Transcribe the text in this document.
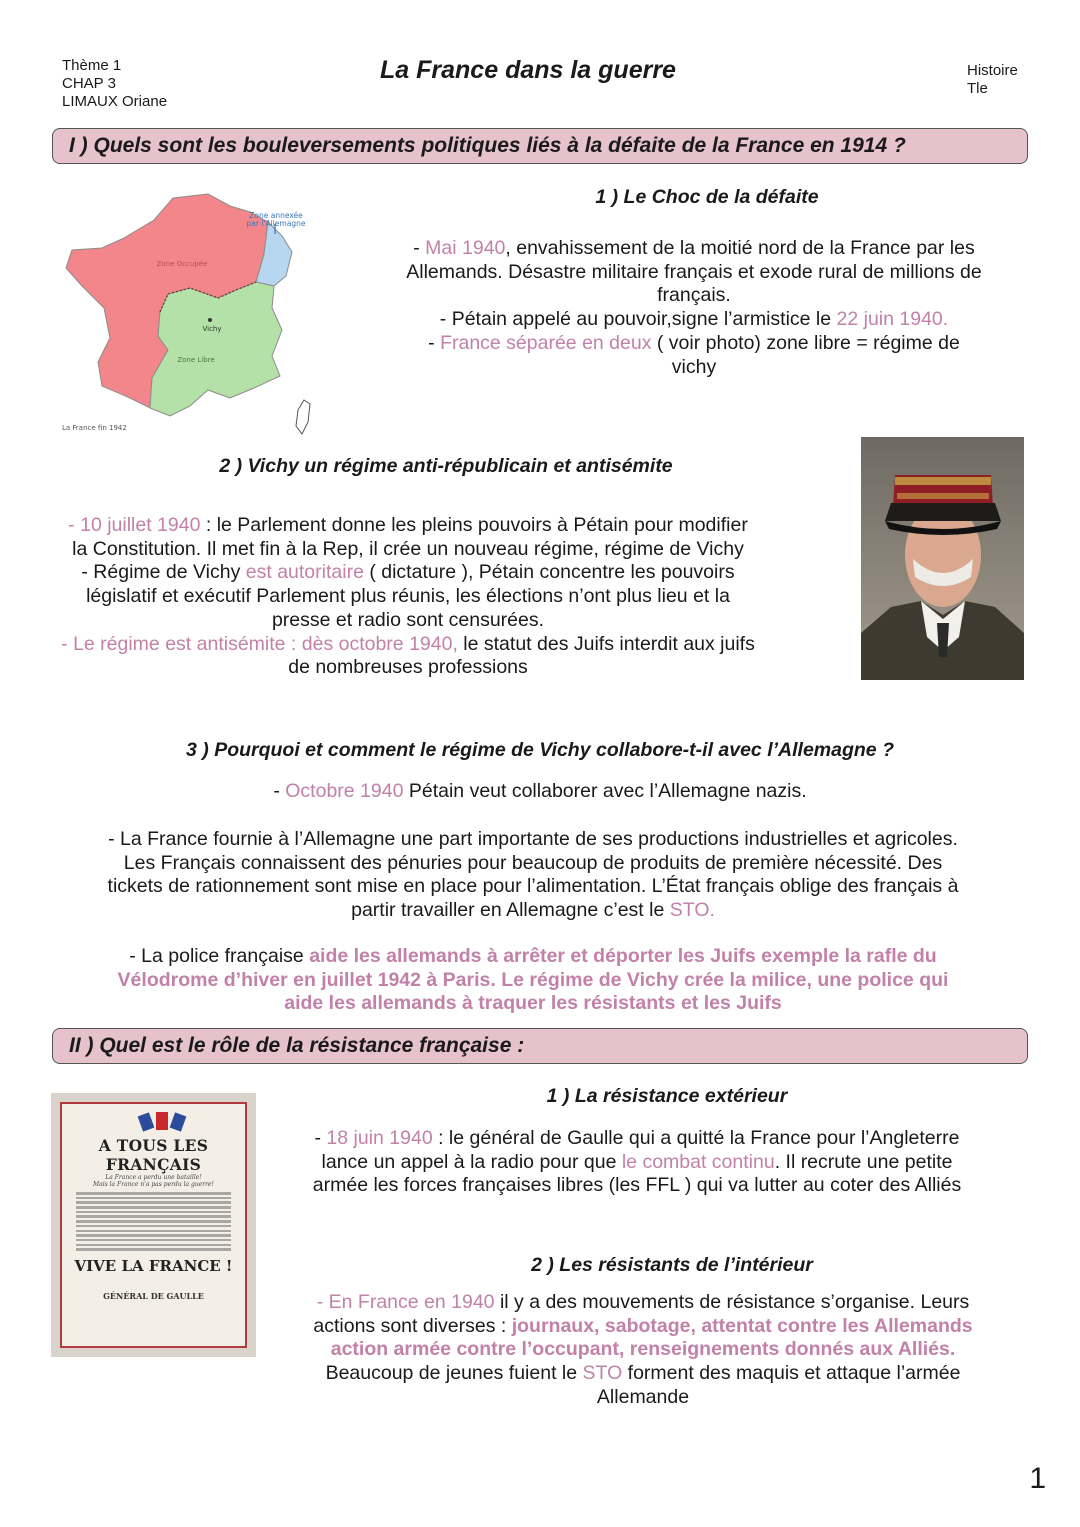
Thème 1
CHAP 3
LIMAUX Oriane
La France dans la guerre	Histoire
Tle
I ) Quels sont les bouleversements politiques liés à la défaite de la France en 1914 ?
Zone annexée par l'Allemagne
Zone Occupée
Vichy
Zone Libre
La France fin 1942
1 ) Le Choc de la défaite
- Mai 1940, envahissement de la moitié nord de la France par les Allemands. Désastre militaire français et exode rural de millions de français.
- Pétain appelé au pouvoir,signe l’armistice le 22 juin 1940.
- France séparée en deux ( voir photo) zone libre = régime de vichy
2 ) Vichy un régime anti-républicain et antisémite
- 10 juillet 1940 : le Parlement donne les pleins pouvoirs à Pétain pour modifier la Constitution. Il met fin à la Rep, il crée un nouveau régime, régime de Vichy
- Régime de Vichy est autoritaire ( dictature ), Pétain concentre les pouvoirs législatif et exécutif Parlement plus réunis, les élections n’ont plus lieu et la presse et radio sont censurées.
- Le régime est antisémite : dès octobre 1940, le statut des Juifs interdit aux juifs de nombreuses professions
3 ) Pourquoi et comment le régime de Vichy collabore-t-il avec l’Allemagne ?
- Octobre 1940 Pétain veut collaborer avec l’Allemagne nazis.
- La France fournie à l’Allemagne une part importante de ses productions industrielles et agricoles. Les Français connaissent des pénuries pour beaucoup de produits de première nécessité. Des tickets de rationnement sont mise en place pour l’alimentation. L’État français oblige des français à partir travailler en Allemagne c’est le STO.
- La police française aide les allemands à arrêter et déporter les Juifs exemple la rafle du Vélodrome d’hiver en juillet 1942 à Paris. Le régime de Vichy crée la milice, une police qui aide les allemands à traquer les résistants et les Juifs
II ) Quel est le rôle de la résistance française :
A TOUS LES FRANÇAIS
La France a perdu une bataille!
Mais la France n'a pas perdu la guerre!
VIVE LA FRANCE !
GÉNÉRAL DE GAULLE
1 ) La résistance extérieur
- 18 juin 1940 : le général de Gaulle qui a quitté la France pour l’Angleterre lance un appel à la radio pour que le combat continu. Il recrute une petite armée les forces françaises libres (les FFL ) qui va lutter au coter des Alliés
2 ) Les résistants de l’intérieur
- En France en 1940 il y a des mouvements de résistance s’organise. Leurs actions sont diverses : journaux, sabotage, attentat contre les Allemands action armée contre l’occupant, renseignements donnés aux Alliés.
Beaucoup de jeunes fuient le STO forment des maquis et attaque l’armée Allemande
1
